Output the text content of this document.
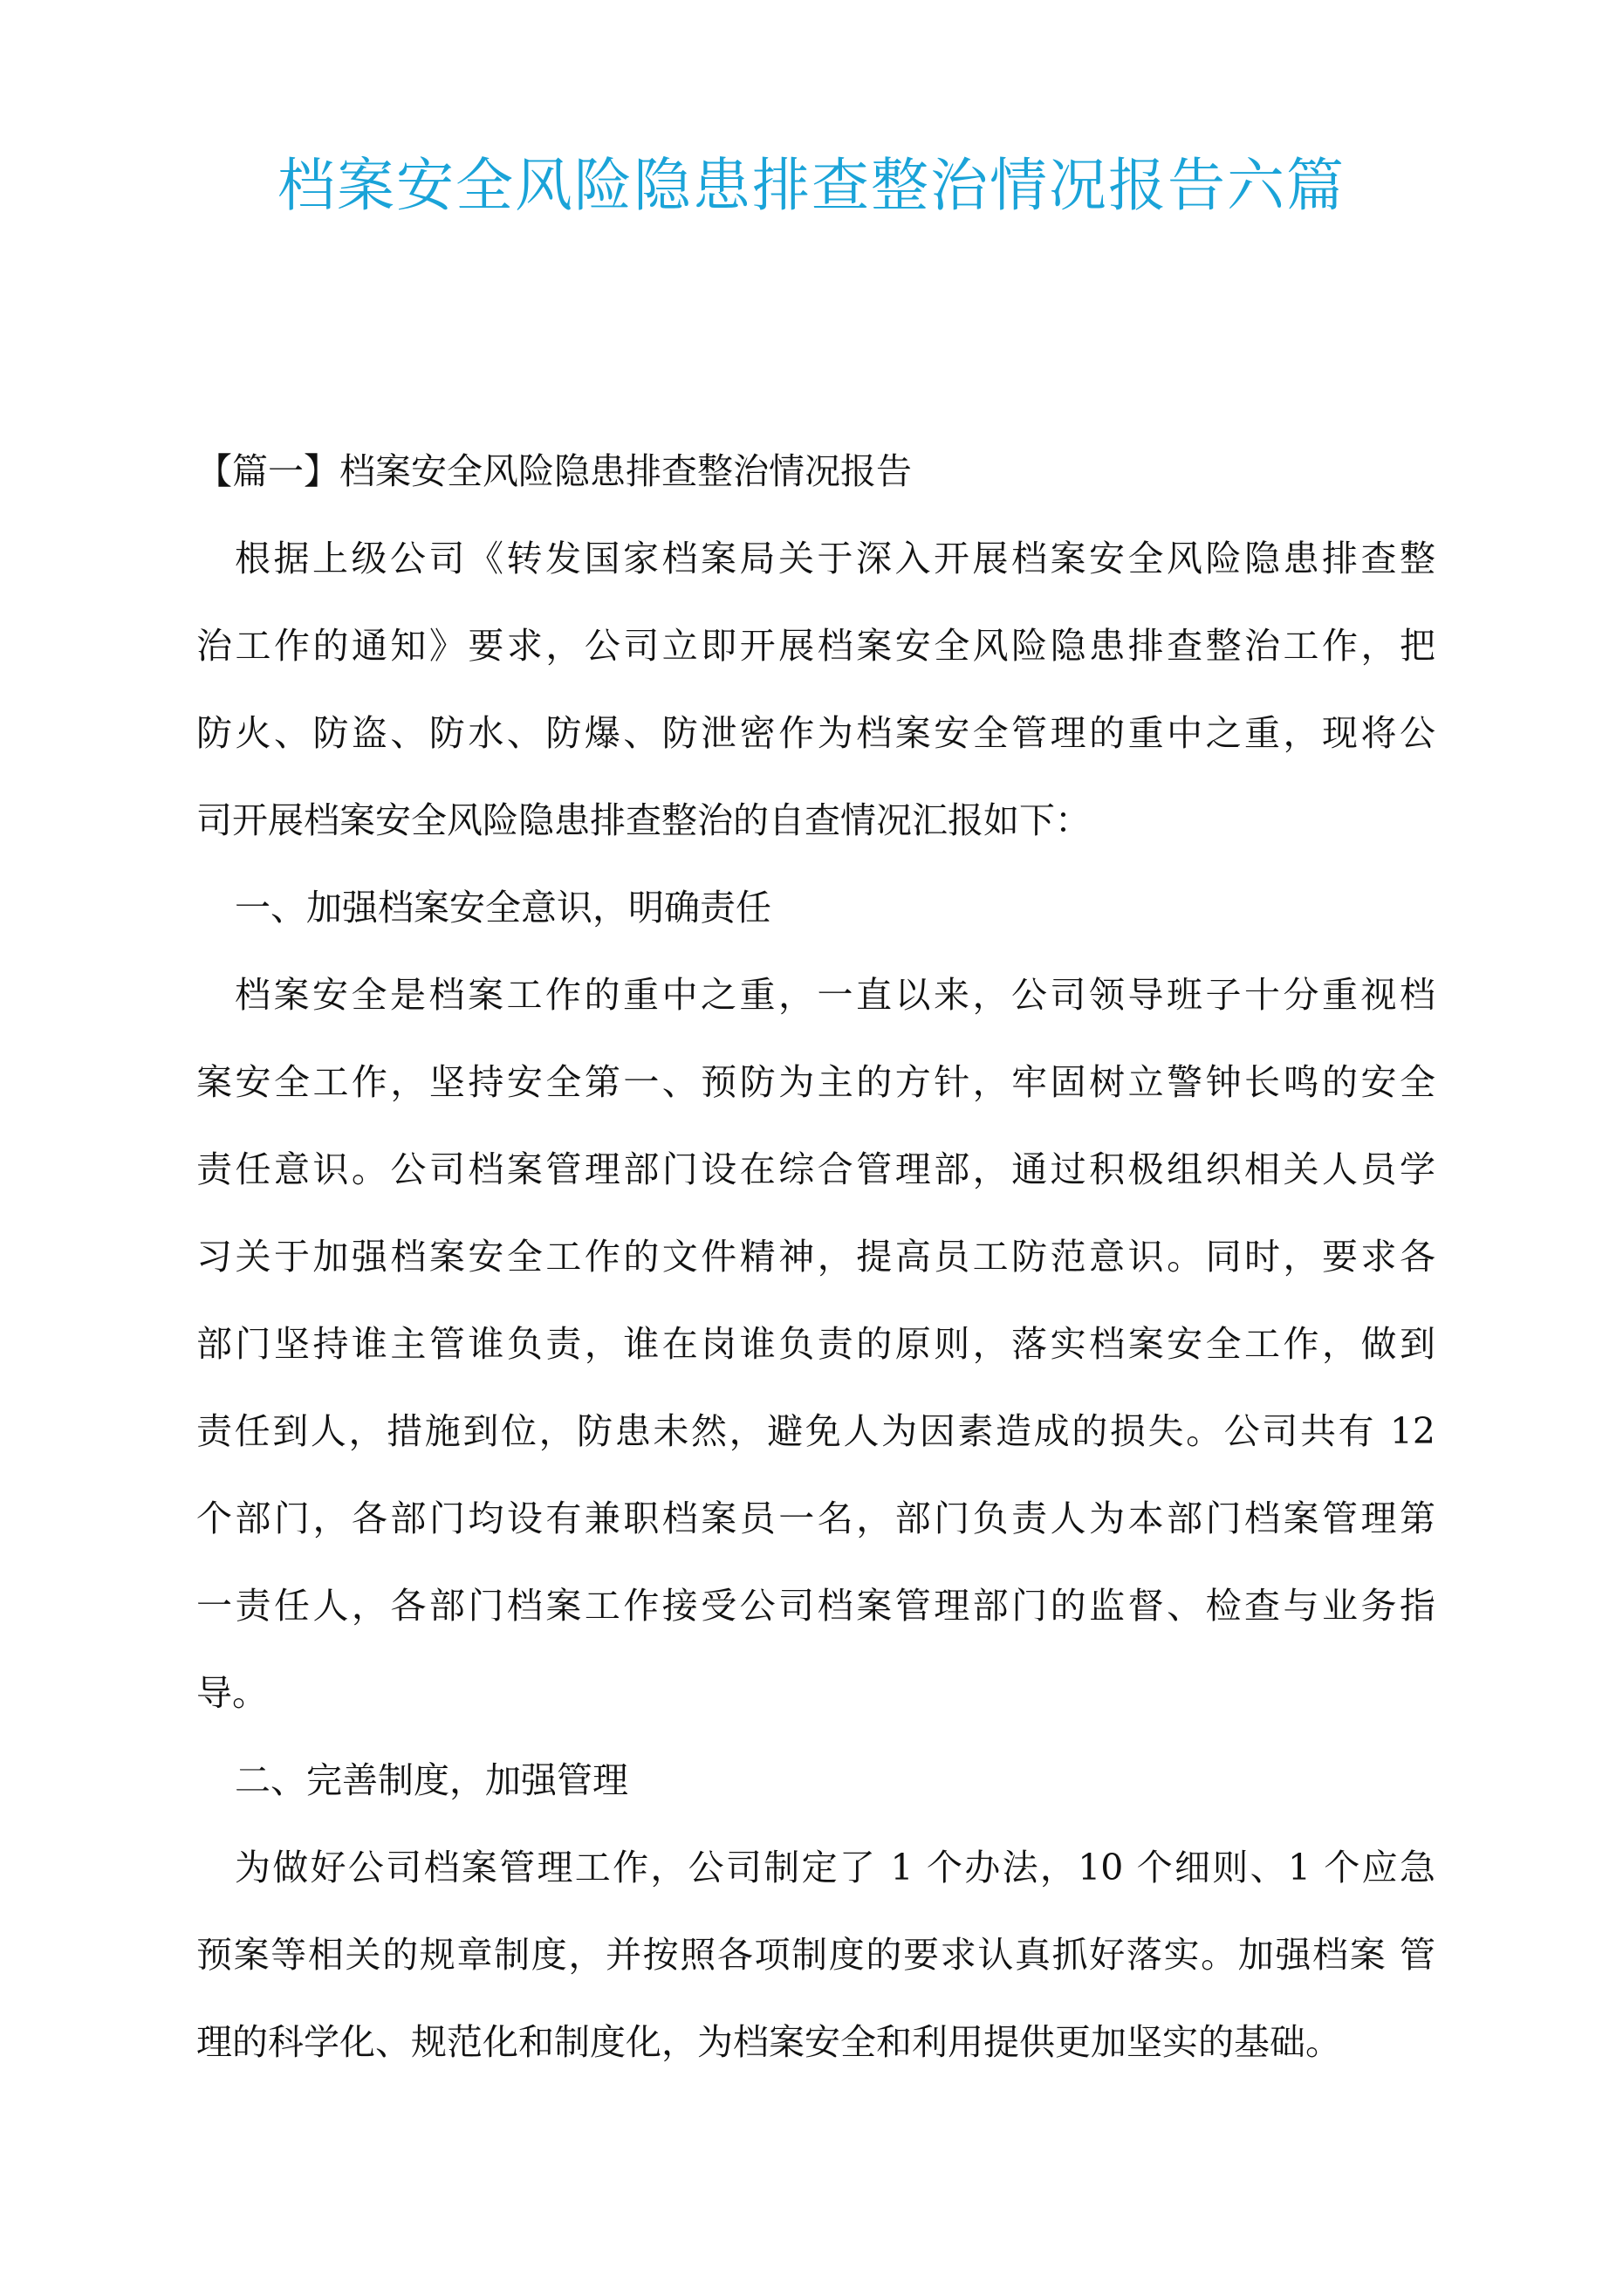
档案安全风险隐患排查整治情况报告六篇

【篇一】档案安全风险隐患排查整治情况报告

根据上级公司《转发国家档案局关于深入开展档案安全风险隐患排查整

治工作的通知》要求，公司立即开展档案安全风险隐患排查整治工作，把

防火、防盗、防水、防爆、防泄密作为档案安全管理的重中之重，现将公

司开展档案安全风险隐患排查整治的自查情况汇报如下：

一、加强档案安全意识，明确责任

档案安全是档案工作的重中之重，一直以来，公司领导班子十分重视档

案安全工作，坚持安全第一、预防为主的方针，牢固树立警钟长鸣的安全

责任意识。公司档案管理部门设在综合管理部，通过积极组织相关人员学

习关于加强档案安全工作的文件精神，提高员工防范意识。同时，要求各

部门坚持谁主管谁负责，谁在岗谁负责的原则，落实档案安全工作，做到

责任到人，措施到位，防患未然，避免人为因素造成的损失。公司共有 12

个部门，各部门均设有兼职档案员一名，部门负责人为本部门档案管理第

一责任人，各部门档案工作接受公司档案管理部门的监督、检查与业务指

导。

二、完善制度，加强管理

为做好公司档案管理工作，公司制定了 1 个办法，10 个细则、1 个应急

预案等相关的规章制度，并按照各项制度的要求认真抓好落实。加强档案 管

理的科学化、规范化和制度化，为档案安全和利用提供更加坚实的基础。
